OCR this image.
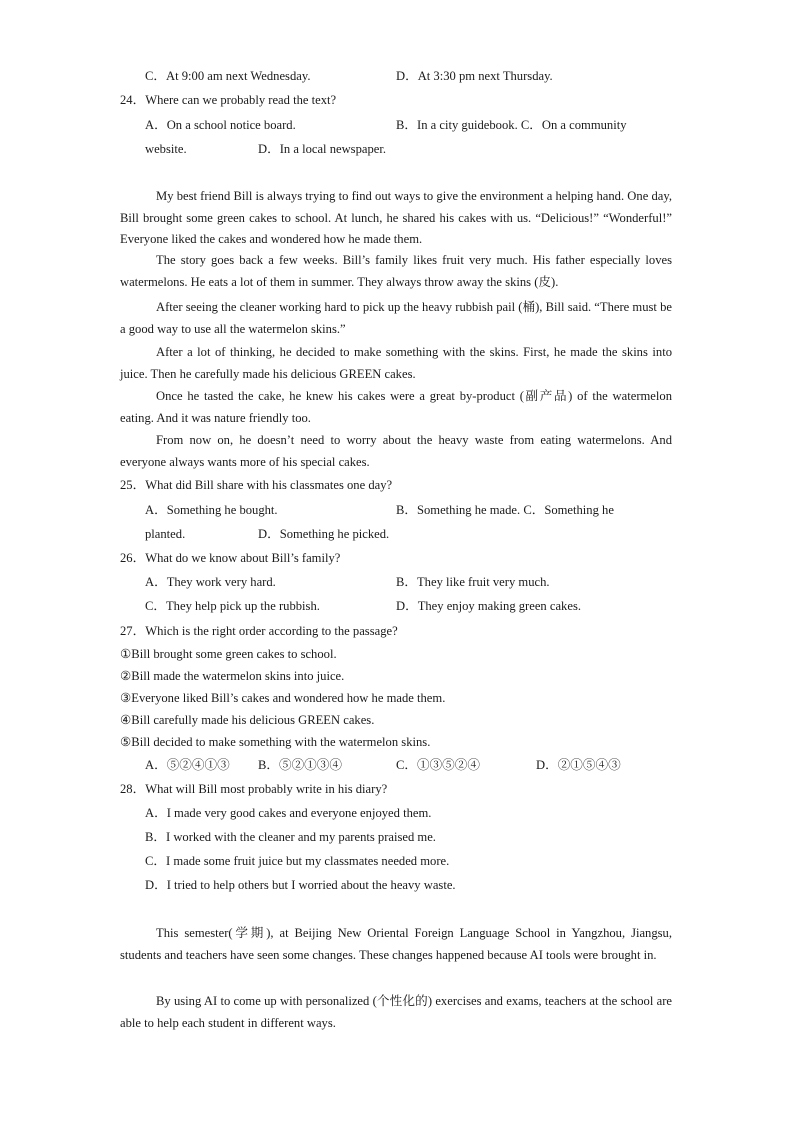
C．At 9:00 am next Wednesday.	D．At 3:30 pm next Thursday.
24．Where can we probably read the text?
A．On a school notice board.	B．In a city guidebook. C．On a community
website.	D．In a local newspaper.
My best friend Bill is always trying to find out ways to give the environment a helping hand. One day, Bill brought some green cakes to school. At lunch, he shared his cakes with us. “Delicious!” “Wonderful!” Everyone liked the cakes and wondered how he made them.
The story goes back a few weeks. Bill’s family likes fruit very much. His father especially loves watermelons. He eats a lot of them in summer. They always throw away the skins (皮).
After seeing the cleaner working hard to pick up the heavy rubbish pail (桶), Bill said. “There must be a good way to use all the watermelon skins.”
After a lot of thinking, he decided to make something with the skins. First, he made the skins into juice. Then he carefully made his delicious GREEN cakes.
Once he tasted the cake, he knew his cakes were a great by-product (副产品) of the watermelon eating. And it was nature friendly too.
From now on, he doesn’t need to worry about the heavy waste from eating watermelons. And everyone always wants more of his special cakes.
25．What did Bill share with his classmates one day?
A．Something he bought.	B．Something he made. C．Something he
planted.	D．Something he picked.
26．What do we know about Bill’s family?
A．They work very hard.	B．They like fruit very much.
C．They help pick up the rubbish.	D．They enjoy making green cakes.
27．Which is the right order according to the passage?
①Bill brought some green cakes to school.
②Bill made the watermelon skins into juice.
③Everyone liked Bill’s cakes and wondered how he made them.
④Bill carefully made his delicious GREEN cakes.
⑤Bill decided to make something with the watermelon skins.
A．⑤②④①③ B．⑤②①③④	C．①③⑤②④	D．②①⑤④③
28．What will Bill most probably write in his diary?
A．I made very good cakes and everyone enjoyed them.
B．I worked with the cleaner and my parents praised me.
C．I made some fruit juice but my classmates needed more.
D．I tried to help others but I worried about the heavy waste.
This semester(学期), at Beijing New Oriental Foreign Language School in Yangzhou, Jiangsu, students and teachers have seen some changes. These changes happened because AI tools were brought in.
By using AI to come up with personalized (个性化的) exercises and exams, teachers at the school are able to help each student in different ways.
